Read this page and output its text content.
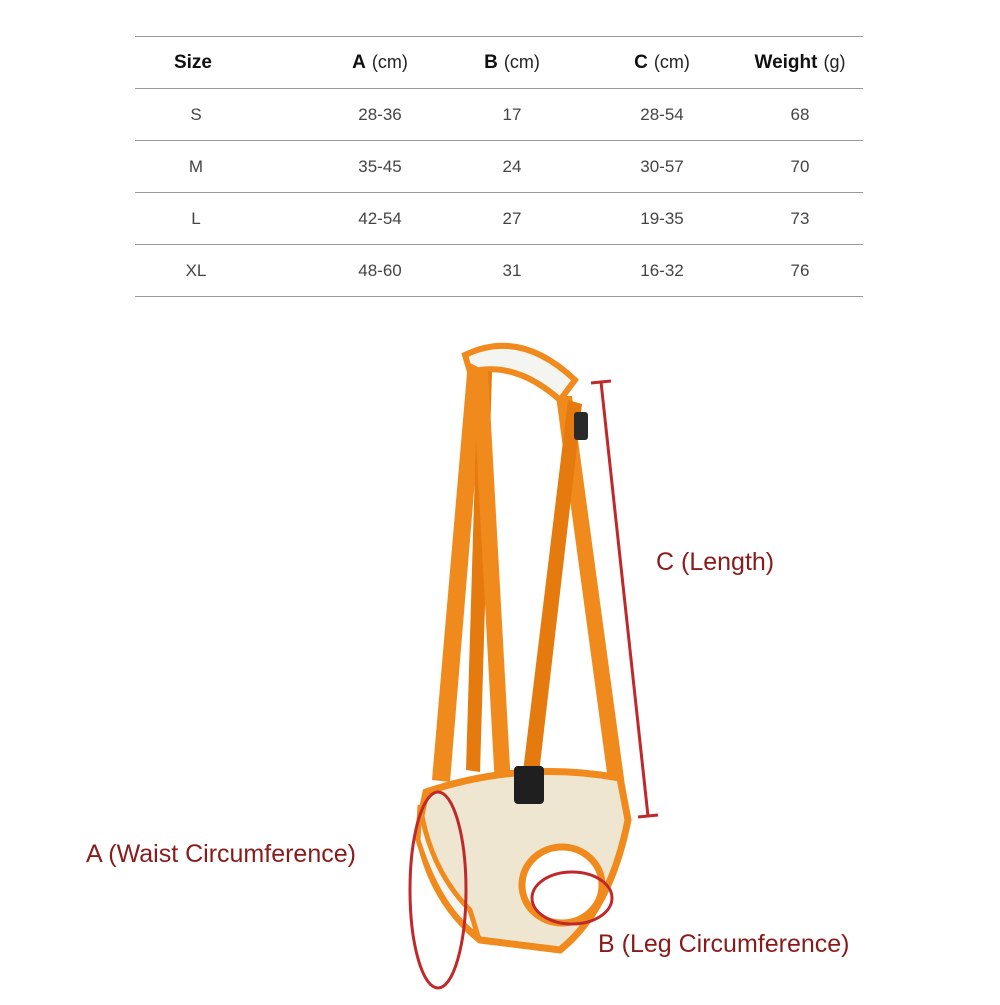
Size	A (cm)	B (cm)	C (cm)	Weight (g)
S	28-36	17	28-54	68
M	35-45	24	30-57	70
L	42-54	27	19-35	73
XL	48-60	31	16-32	76
C (Length)
A (Waist Circumference)
B (Leg Circumference)
